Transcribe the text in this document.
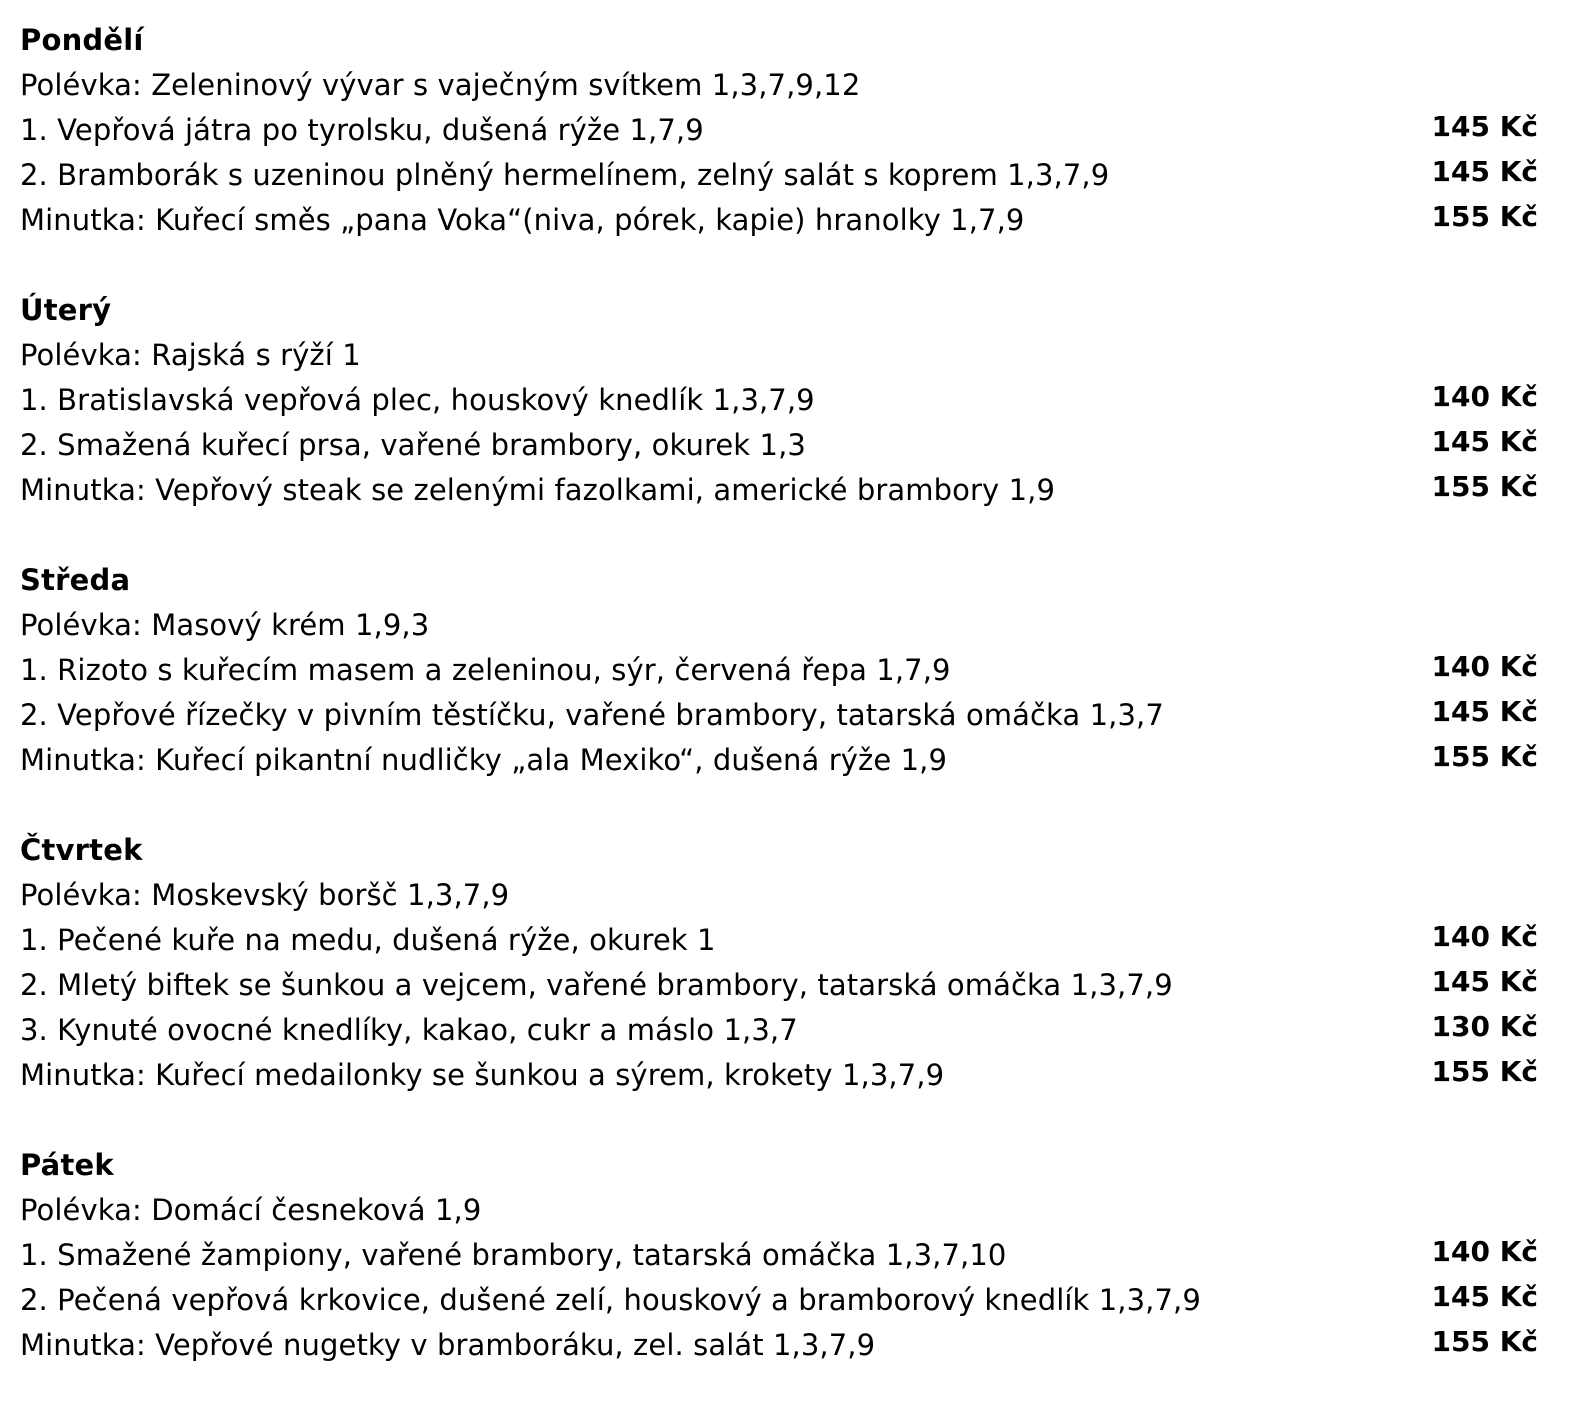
Pondělí
Polévka: Zeleninový vývar s vaječným svítkem 1,3,7,9,12
1. Vepřová játra po tyrolsku, dušená rýže 1,7,9	145 Kč
2. Bramborák s uzeninou plněný hermelínem, zelný salát s koprem 1,3,7,9	145 Kč
Minutka: Kuřecí směs „pana Voka“(niva, pórek, kapie) hranolky 1,7,9	155 Kč
Úterý
Polévka: Rajská s rýží 1
1. Bratislavská vepřová plec, houskový knedlík 1,3,7,9	140 Kč
2. Smažená kuřecí prsa, vařené brambory, okurek 1,3	145 Kč
Minutka: Vepřový steak se zelenými fazolkami, americké brambory 1,9	155 Kč
Středa
Polévka: Masový krém 1,9,3
1. Rizoto s kuřecím masem a zeleninou, sýr, červená řepa 1,7,9	140 Kč
2. Vepřové řízečky v pivním těstíčku, vařené brambory, tatarská omáčka 1,3,7	145 Kč
Minutka: Kuřecí pikantní nudličky „ala Mexiko“, dušená rýže 1,9	155 Kč
Čtvrtek
Polévka: Moskevský boršč 1,3,7,9
1. Pečené kuře na medu, dušená rýže, okurek 1	140 Kč
2. Mletý biftek se šunkou a vejcem, vařené brambory, tatarská omáčka 1,3,7,9	145 Kč
3. Kynuté ovocné knedlíky, kakao, cukr a máslo 1,3,7	130 Kč
Minutka: Kuřecí medailonky se šunkou a sýrem, krokety 1,3,7,9	155 Kč
Pátek
Polévka: Domácí česneková 1,9
1. Smažené žampiony, vařené brambory, tatarská omáčka 1,3,7,10	140 Kč
2. Pečená vepřová krkovice, dušené zelí, houskový a bramborový knedlík 1,3,7,9	145 Kč
Minutka: Vepřové nugetky v bramboráku, zel. salát 1,3,7,9	155 Kč
